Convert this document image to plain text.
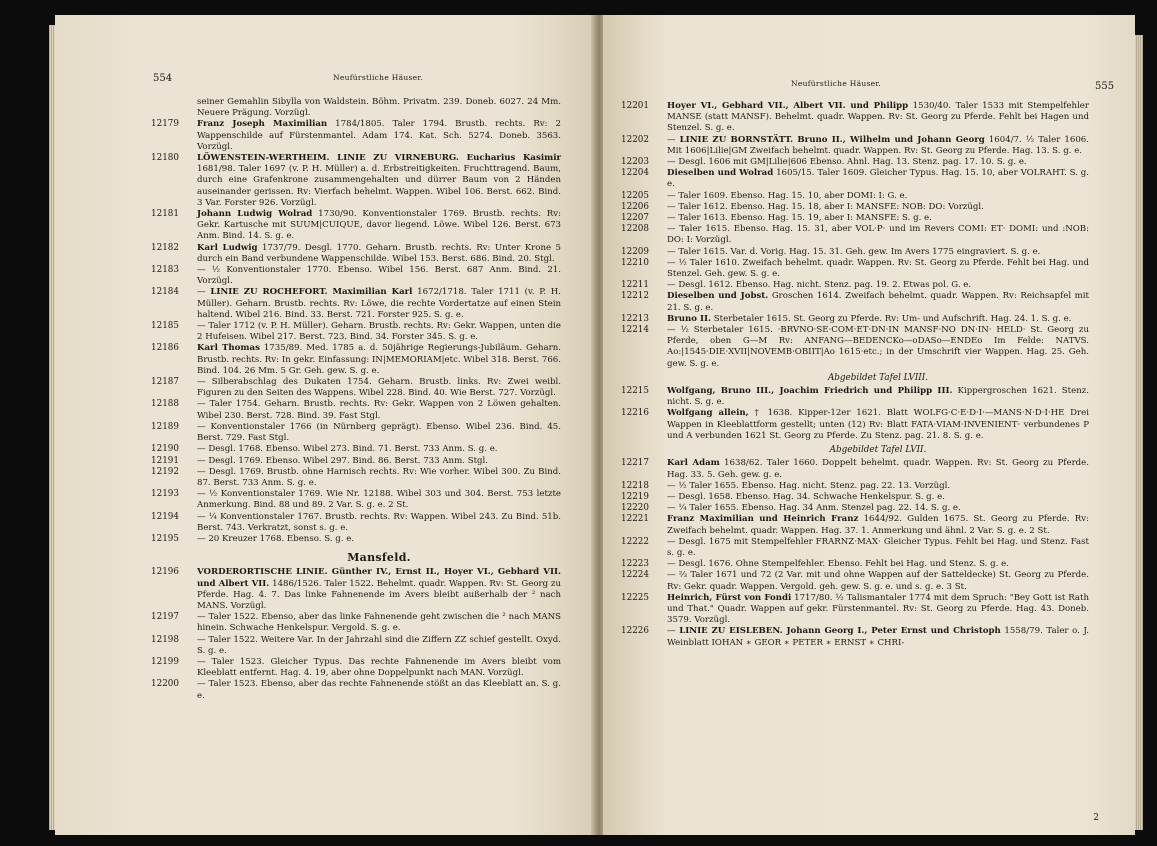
554	Neufürstliche Häuser.
seiner Gemahlin Sibylla von Waldstein. Böhm. Privatm. 239. Doneb. 6027. 24 Mm. Neuere Prägung. Vorzügl.
12179	Franz Joseph Maximilian 1784/1805. Taler 1794. Brustb. rechts. Rv: 2 Wappenschilde auf Fürstenmantel. Adam 174. Kat. Sch. 5274. Doneb. 3563. Vorzügl.
12180	LÖWENSTEIN-WERTHEIM. LINIE ZU VIRNEBURG. Eucharius Kasimir 1681/98. Taler 1697 (v. P. H. Müller) a. d. Erbstreitigkeiten. Fruchttragend. Baum, durch eine Grafenkrone zusammengehalten und dürrer Baum von 2 Händen auseinander gerissen. Rv: Vierfach behelmt. Wappen. Wibel 106. Berst. 662. Bind. 3 Var. Forster 926. Vorzügl.
12181	Johann Ludwig Wolrad 1730/90. Konventionstaler 1769. Brustb. rechts. Rv: Gekr. Kartusche mit SUUM|CUIQUE, davor liegend. Löwe. Wibel 126. Berst. 673 Anm. Bind. 14. S. g. e.
12182	Karl Ludwig 1737/79. Desgl. 1770. Geharn. Brustb. rechts. Rv: Unter Krone 5 durch ein Band verbundene Wappenschilde. Wibel 153. Berst. 686. Bind. 20. Stgl.
12183	— ½ Konventionstaler 1770. Ebenso. Wibel 156. Berst. 687 Anm. Bind. 21. Vorzügl.
12184	— LINIE ZU ROCHEFORT. Maximilian Karl 1672/1718. Taler 1711 (v. P. H. Müller). Geharn. Brustb. rechts. Rv: Löwe, die rechte Vordertatze auf einen Stein haltend. Wibel 216. Bind. 33. Berst. 721. Forster 925. S. g. e.
12185	— Taler 1712 (v. P. H. Müller). Geharn. Brustb. rechts. Rv: Gekr. Wappen, unten die 2 Hufeisen. Wibel 217. Berst. 723. Bind. 34. Forster 345. S. g. e.
12186	Karl Thomas 1735/89. Med. 1785 a. d. 50jährige Regierungs-Jubiläum. Geharn. Brustb. rechts. Rv: In gekr. Einfassung: IN|MEMORIAM|etc. Wibel 318. Berst. 766. Bind. 104. 26 Mm. 5 Gr. Geh. gew. S. g. e.
12187	— Silberabschlag des Dukaten 1754. Geharn. Brustb. links. Rv: Zwei weibl. Figuren zu den Seiten des Wappens. Wibel 228. Bind. 40. Wie Berst. 727. Vorzügl.
12188	— Taler 1754. Geharn. Brustb. rechts. Rv: Gekr. Wappen von 2 Löwen gehalten. Wibel 230. Berst. 728. Bind. 39. Fast Stgl.
12189	— Konventionstaler 1766 (in Nürnberg geprägt). Ebenso. Wibel 236. Bind. 45. Berst. 729. Fast Stgl.
12190	— Desgl. 1768. Ebenso. Wibel 273. Bind. 71. Berst. 733 Anm. S. g. e.
12191	— Desgl. 1769. Ebenso. Wibel 297. Bind. 86. Berst. 733 Anm. Stgl.
12192	— Desgl. 1769. Brustb. ohne Harnisch rechts. Rv: Wie vorher. Wibel 300. Zu Bind. 87. Berst. 733 Anm. S. g. e.
12193	— ½ Konventionstaler 1769. Wie Nr. 12188. Wibel 303 und 304. Berst. 753 letzte Anmerkung. Bind. 88 und 89. 2 Var. S. g. e. 2 St.
12194	— ¼ Konventionstaler 1767. Brustb. rechts. Rv: Wappen. Wibel 243. Zu Bind. 51b. Berst. 743. Verkratzt, sonst s. g. e.
12195	— 20 Kreuzer 1768. Ebenso. S. g. e.
Mansfeld.
12196	VORDERORTISCHE LINIE. Günther IV., Ernst II., Hoyer VI., Gebhard VII. und Albert VII. 1486/1526. Taler 1522. Behelmt. quadr. Wappen. Rv: St. Georg zu Pferde. Hag. 4. 7. Das linke Fahnenende im Avers bleibt außerhalb der ² nach MANS. Vorzügl.
12197	— Taler 1522. Ebenso, aber das linke Fahnenende geht zwischen die ² nach MANS hinein. Schwache Henkelspur. Vergold. S. g. e.
12198	— Taler 1522. Weitere Var. In der Jahrzahl sind die Ziffern ZZ schief gestellt. Oxyd. S. g. e.
12199	— Taler 1523. Gleicher Typus. Das rechte Fahnenende im Avers bleibt vom Kleeblatt entfernt. Hag. 4. 19, aber ohne Doppelpunkt nach MAN. Vorzügl.
12200	— Taler 1523. Ebenso, aber das rechte Fahnenende stößt an das Kleeblatt an. S. g. e.
Neufürstliche Häuser.	555
12201	Hoyer VI., Gebhard VII., Albert VII. und Philipp 1530/40. Taler 1533 mit Stempelfehler MANSE (statt MANSF). Behelmt. quadr. Wappen. Rv: St. Georg zu Pferde. Fehlt bei Hagen und Stenzel. S. g. e.
12202	— LINIE ZU BORNSTÄTT. Bruno II., Wilhelm und Johann Georg 1604/7. ½ Taler 1606. Mit 1606|Lilie|GM Zweifach behelmt. quadr. Wappen. Rv: St. Georg zu Pferde. Hag. 13. S. g. e.
12203	— Desgl. 1606 mit GM|Lilie|606 Ebenso. Ahnl. Hag. 13. Stenz. pag. 17. 10. S. g. e.
12204	Dieselben und Wolrad 1605/15. Taler 1609. Gleicher Typus. Hag. 15. 10, aber VOLRAHT. S. g. e.
12205	— Taler 1609. Ebenso. Hag. 15. 10, aber DOMI: I: G. e.
12206	— Taler 1612. Ebenso. Hag. 15. 18, aber I: MANSFE: NOB: DO: Vorzügl.
12207	— Taler 1613. Ebenso. Hag. 15. 19, aber I: MANSFE: S. g. e.
12208	— Taler 1615. Ebenso. Hag. 15. 31, aber VOL·P· und im Revers COMI: ET· DOMI: und :NOB: DO: I: Vorzügl.
12209	— Taler 1615. Var. d. Vorig. Hag. 15. 31. Geh. gew. Im Avers 1775 eingraviert. S. g. e.
12210	— ½ Taler 1610. Zweifach behelmt. quadr. Wappen. Rv: St. Georg zu Pferde. Fehlt bei Hag. und Stenzel. Geh. gew. S. g. e.
12211	— Desgl. 1612. Ebenso. Hag. nicht. Stenz. pag. 19. 2. Etwas pol. G. e.
12212	Dieselben und Jobst. Groschen 1614. Zweifach behelmt. quadr. Wappen. Rv: Reichsapfel mit 21. S. g. e.
12213	Bruno II. Sterbetaler 1615. St. Georg zu Pferde. Rv: Um- und Aufschrift. Hag. 24. 1. S. g. e.
12214	— ½ Sterbetaler 1615. ·BRVNO·SE·COM·ET·DN·IN MANSF·NO DN·IN· HELD· St. Georg zu Pferde, oben G—M Rv: ANFANG—BEDENCKo—oDASo—ENDEo Im Felde: NATVS. Ao:|1545·DIE·XVII|NOVEMB·OBIIT|Ao 1615·etc.; in der Umschrift vier Wappen. Hag. 25. Geh. gew. S. g. e.
Abgebildet Tafel LVIII.
12215	Wolfgang, Bruno III., Joachim Friedrich und Philipp III. Kippergroschen 1621. Stenz. nicht. S. g. e.
12216	Wolfgang allein, † 1638. Kipper-12er 1621. Blatt WOLFG·C·E·D·I·—MANS·N·D·I·HE Drei Wappen in Kleeblattform gestellt; unten (12) Rv: Blatt FATA·VIAM·INVENIENT· verbundenes P und A verbunden 1621 St. Georg zu Pferde. Zu Stenz. pag. 21. 8. S. g. e.
Abgebildet Tafel LVII.
12217	Karl Adam 1638/62. Taler 1660. Doppelt behelmt. quadr. Wappen. Rv: St. Georg zu Pferde. Hag. 33. 5. Geh. gew. g. e.
12218	— ½ Taler 1655. Ebenso. Hag. nicht. Stenz. pag. 22. 13. Vorzügl.
12219	— Desgl. 1658. Ebenso. Hag. 34. Schwache Henkelspur. S. g. e.
12220	— ¼ Taler 1655. Ebenso. Hag. 34 Anm. Stenzel pag. 22. 14. S. g. e.
12221	Franz Maximilian und Heinrich Franz 1644/92. Gulden 1675. St. Georg zu Pferde. Rv: Zweifach behelmt. quadr. Wappen. Hag. 37. 1. Anmerkung und ähnl. 2 Var. S. g. e. 2 St.
12222	— Desgl. 1675 mit Stempelfehler FRARNZ·MAX· Gleicher Typus. Fehlt bei Hag. und Stenz. Fast s. g. e.
12223	— Desgl. 1676. Ohne Stempelfehler. Ebenso. Fehlt bei Hag. und Stenz. S. g. e.
12224	— ⅔ Taler 1671 und 72 (2 Var. mit und ohne Wappen auf der Satteldecke) St. Georg zu Pferde. Rv: Gekr. quadr. Wappen. Vergold. geh. gew. S. g. e. und s. g. e. 3 St.
12225	Heinrich, Fürst von Fondi 1717/80. ½ Talismantaler 1774 mit dem Spruch: "Bey Gott ist Rath und That." Quadr. Wappen auf gekr. Fürstenmantel. Rv: St. Georg zu Pferde. Hag. 43. Doneb. 3579. Vorzügl.
12226	— LINIE ZU EISLEBEN. Johann Georg I., Peter Ernst und Christoph 1558/79. Taler o. J. Weinblatt IOHAN ∗ GEOR ∗ PETER ∗ ERNST ∗ CHRI-
2
